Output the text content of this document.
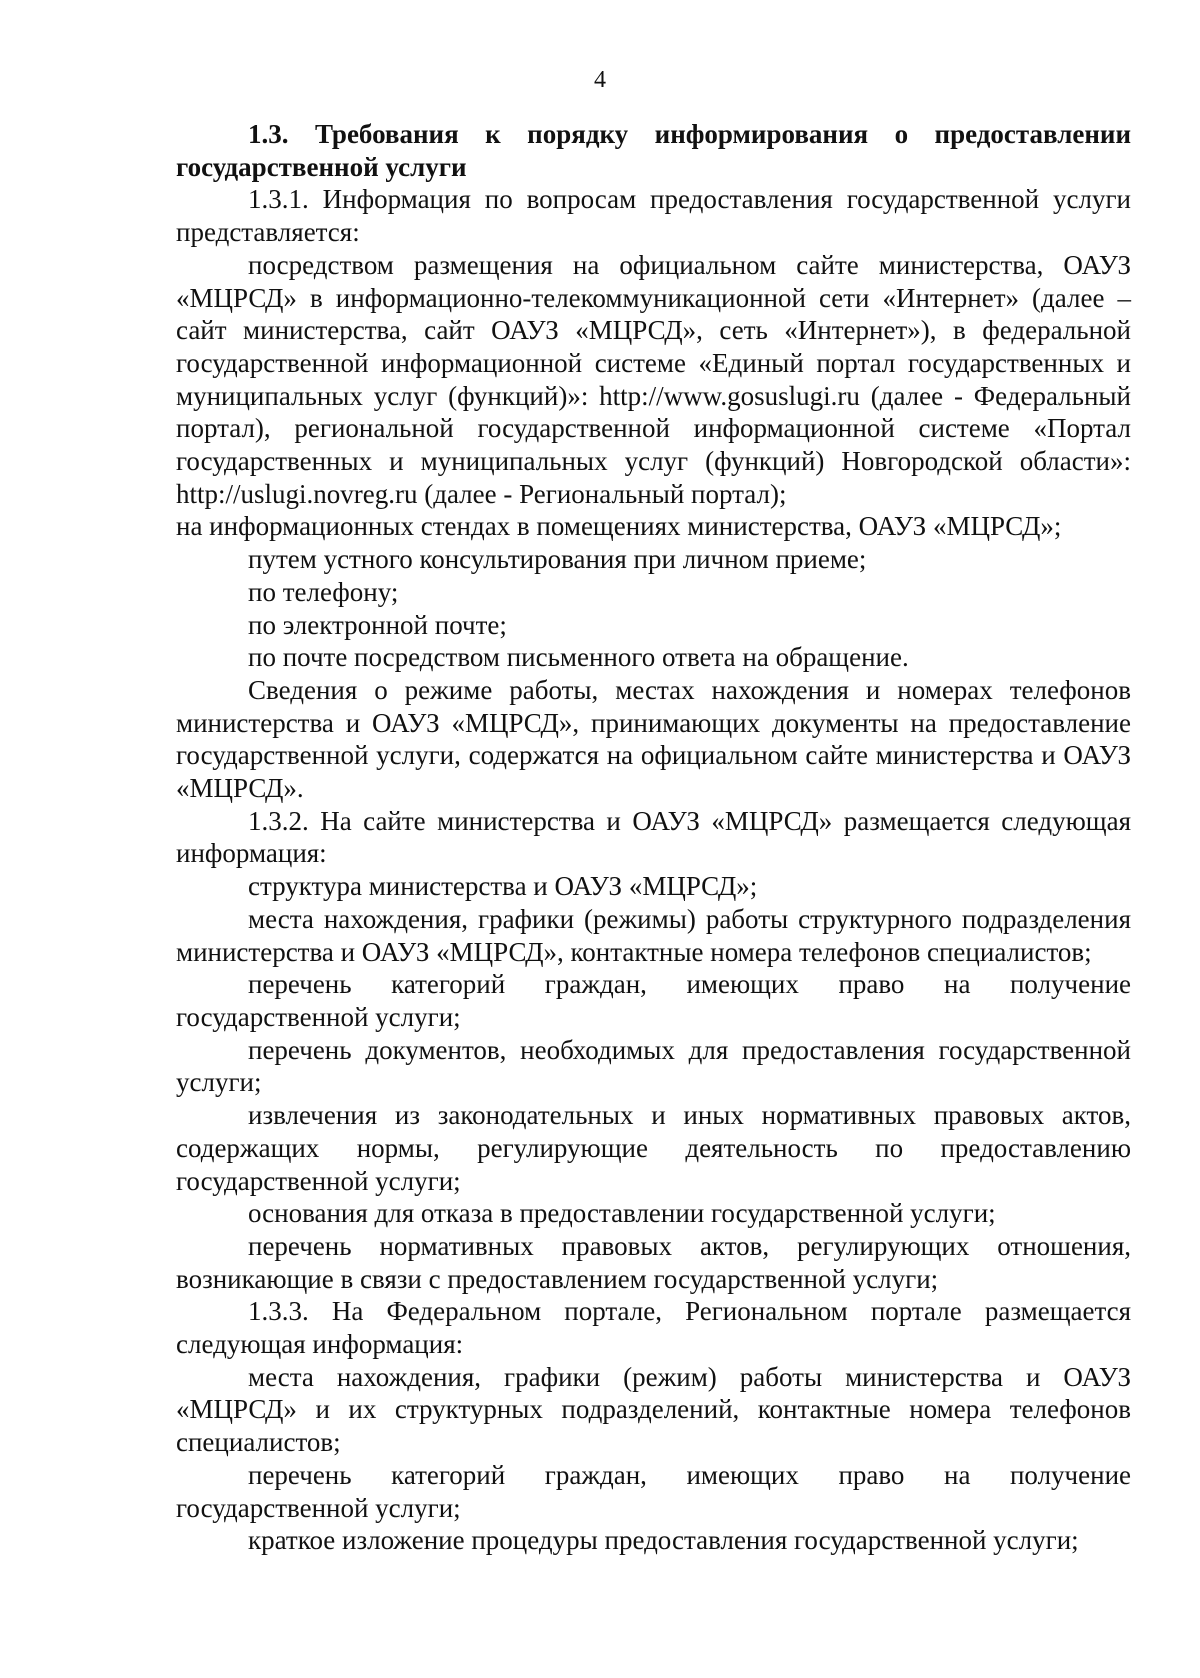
4

1.3. Требования к порядку информирования о предоставлении государственной услуги

1.3.1. Информация по вопросам предоставления государственной услуги представляется:

посредством размещения на официальном сайте министерства, ОАУЗ «МЦРСД» в информационно-телекоммуникационной сети «Интернет» (далее – сайт министерства, сайт ОАУЗ «МЦРСД», сеть «Интернет»), в федеральной государственной информационной системе «Единый портал государственных и муниципальных услуг (функций)»: http://www.gosuslugi.ru (далее - Федеральный портал), региональной государственной информационной системе «Портал государственных и муниципальных услуг (функций) Новгородской области»: http://uslugi.novreg.ru (далее - Региональный портал);

на информационных стендах в помещениях министерства, ОАУЗ «МЦРСД»;

путем устного консультирования при личном приеме;

по телефону;

по электронной почте;

по почте посредством письменного ответа на обращение.

Сведения о режиме работы, местах нахождения и номерах телефонов министерства и ОАУЗ «МЦРСД», принимающих документы на предоставление государственной услуги, содержатся на официальном сайте министерства и ОАУЗ «МЦРСД».

1.3.2. На сайте министерства и ОАУЗ «МЦРСД» размещается следующая информация:

структура министерства и ОАУЗ «МЦРСД»;

места нахождения, графики (режимы) работы структурного подразделения министерства и ОАУЗ «МЦРСД», контактные номера телефонов специалистов;

перечень категорий граждан, имеющих право на получение государственной услуги;

перечень документов, необходимых для предоставления государственной услуги;

извлечения из законодательных и иных нормативных правовых актов, содержащих нормы, регулирующие деятельность по предоставлению государственной услуги;

основания для отказа в предоставлении государственной услуги;

перечень нормативных правовых актов, регулирующих отношения, возникающие в связи с предоставлением государственной услуги;

1.3.3. На Федеральном портале, Региональном портале размещается следующая информация:

места нахождения, графики (режим) работы министерства и ОАУЗ «МЦРСД» и их структурных подразделений, контактные номера телефонов специалистов;

перечень категорий граждан, имеющих право на получение государственной услуги;

краткое изложение процедуры предоставления государственной услуги;
